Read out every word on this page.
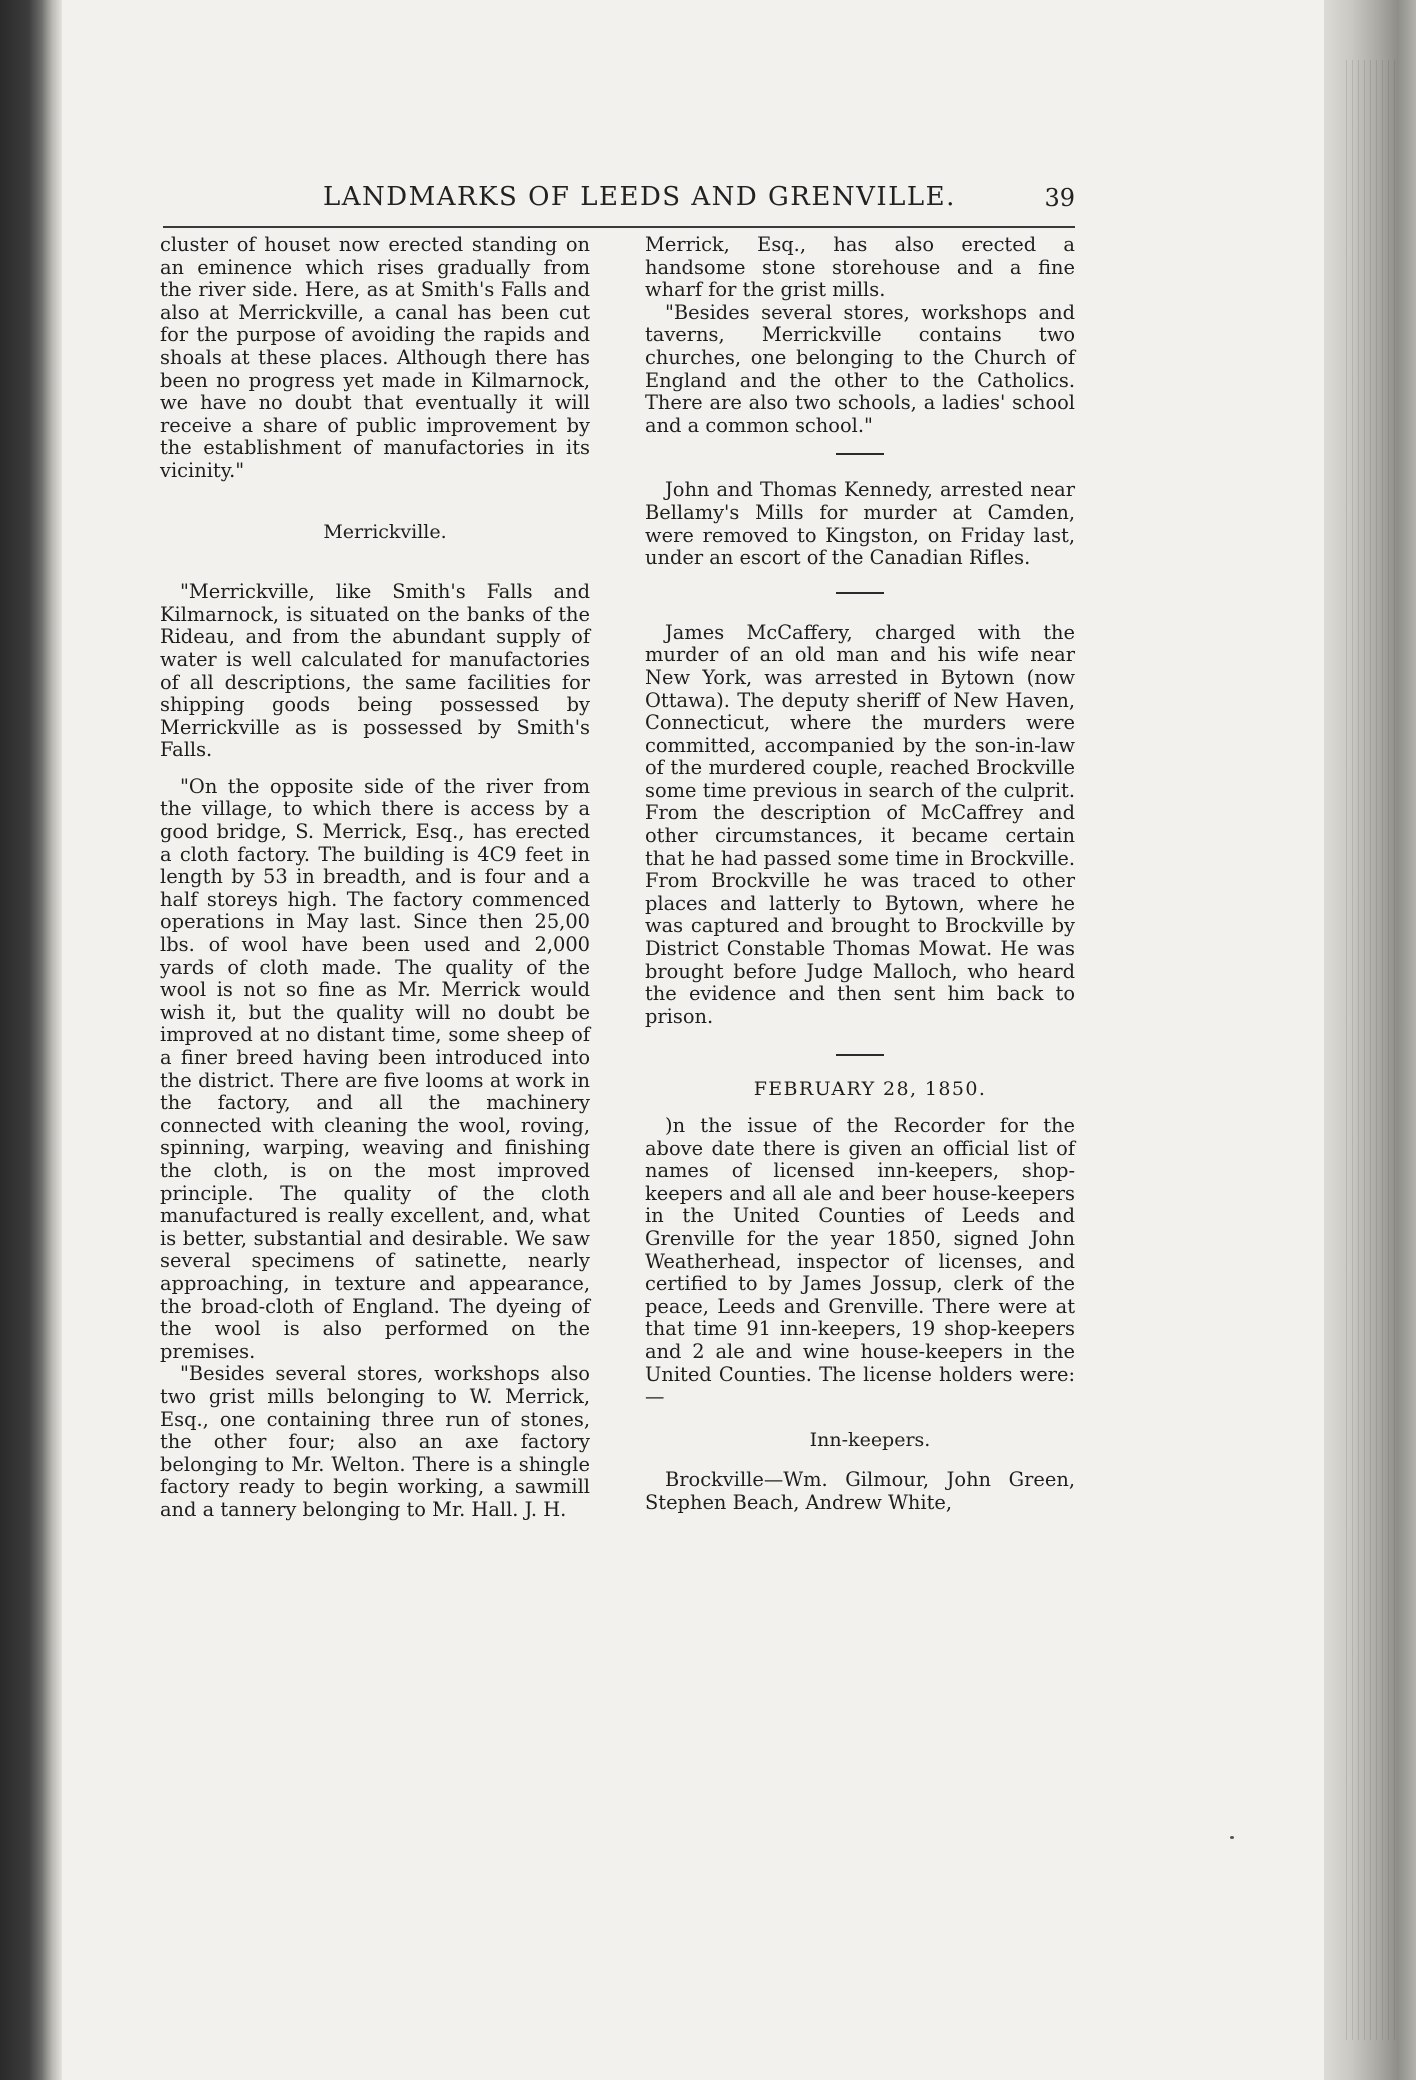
LANDMARKS OF LEEDS AND GRENVILLE.	39

cluster of houset now erected standing on an eminence which rises gradually from the river side. Here, as at Smith's Falls and also at Merrickville, a canal has been cut for the purpose of avoiding the rapids and shoals at these places. Although there has been no progress yet made in Kilmarnock, we have no doubt that eventually it will receive a share of public improvement by the establishment of manufactories in its vicinity."

Merrickville.

"Merrickville, like Smith's Falls and Kilmarnock, is situated on the banks of the Rideau, and from the abundant supply of water is well calculated for manufactories of all descriptions, the same facilities for shipping goods being possessed by Merrickville as is possessed by Smith's Falls.

"On the opposite side of the river from the village, to which there is access by a good bridge, S. Merrick, Esq., has erected a cloth factory. The building is 4C9 feet in length by 53 in breadth, and is four and a half storeys high. The factory commenced operations in May last. Since then 25,00 lbs. of wool have been used and 2,000 yards of cloth made. The quality of the wool is not so fine as Mr. Merrick would wish it, but the quality will no doubt be improved at no distant time, some sheep of a finer breed having been introduced into the district. There are five looms at work in the factory, and all the machinery connected with cleaning the wool, roving, spinning, warping, weaving and finishing the cloth, is on the most improved principle. The quality of the cloth manufactured is really excellent, and, what is better, substantial and desirable. We saw several specimens of satinette, nearly approaching, in texture and appearance, the broad-cloth of England. The dyeing of the wool is also performed on the premises.

"Besides several stores, workshops also two grist mills belonging to W. Merrick, Esq., one containing three run of stones, the other four; also an axe factory belonging to Mr. Welton. There is a shingle factory ready to begin working, a sawmill and a tannery belonging to Mr. Hall. J. H.

Merrick, Esq., has also erected a handsome stone storehouse and a fine wharf for the grist mills.

"Besides several stores, workshops and taverns, Merrickville contains two churches, one belonging to the Church of England and the other to the Catholics. There are also two schools, a ladies' school and a common school."

John and Thomas Kennedy, arrested near Bellamy's Mills for murder at Camden, were removed to Kingston, on Friday last, under an escort of the Canadian Rifles.

James McCaffery, charged with the murder of an old man and his wife near New York, was arrested in Bytown (now Ottawa). The deputy sheriff of New Haven, Connecticut, where the murders were committed, accompanied by the son-in-law of the murdered couple, reached Brockville some time previous in search of the culprit. From the description of McCaffrey and other circumstances, it became certain that he had passed some time in Brockville. From Brockville he was traced to other places and latterly to Bytown, where he was captured and brought to Brockville by District Constable Thomas Mowat. He was brought before Judge Malloch, who heard the evidence and then sent him back to prison.

FEBRUARY 28, 1850.

)n the issue of the Recorder for the above date there is given an official list of names of licensed inn-keepers, shop-keepers and all ale and beer house-keepers in the United Counties of Leeds and Grenville for the year 1850, signed John Weatherhead, inspector of licenses, and certified to by James Jossup, clerk of the peace, Leeds and Grenville. There were at that time 91 inn-keepers, 19 shop-keepers and 2 ale and wine house-keepers in the United Counties. The license holders were:—

Inn-keepers.

Brockville—Wm. Gilmour, John Green, Stephen Beach, Andrew White,
